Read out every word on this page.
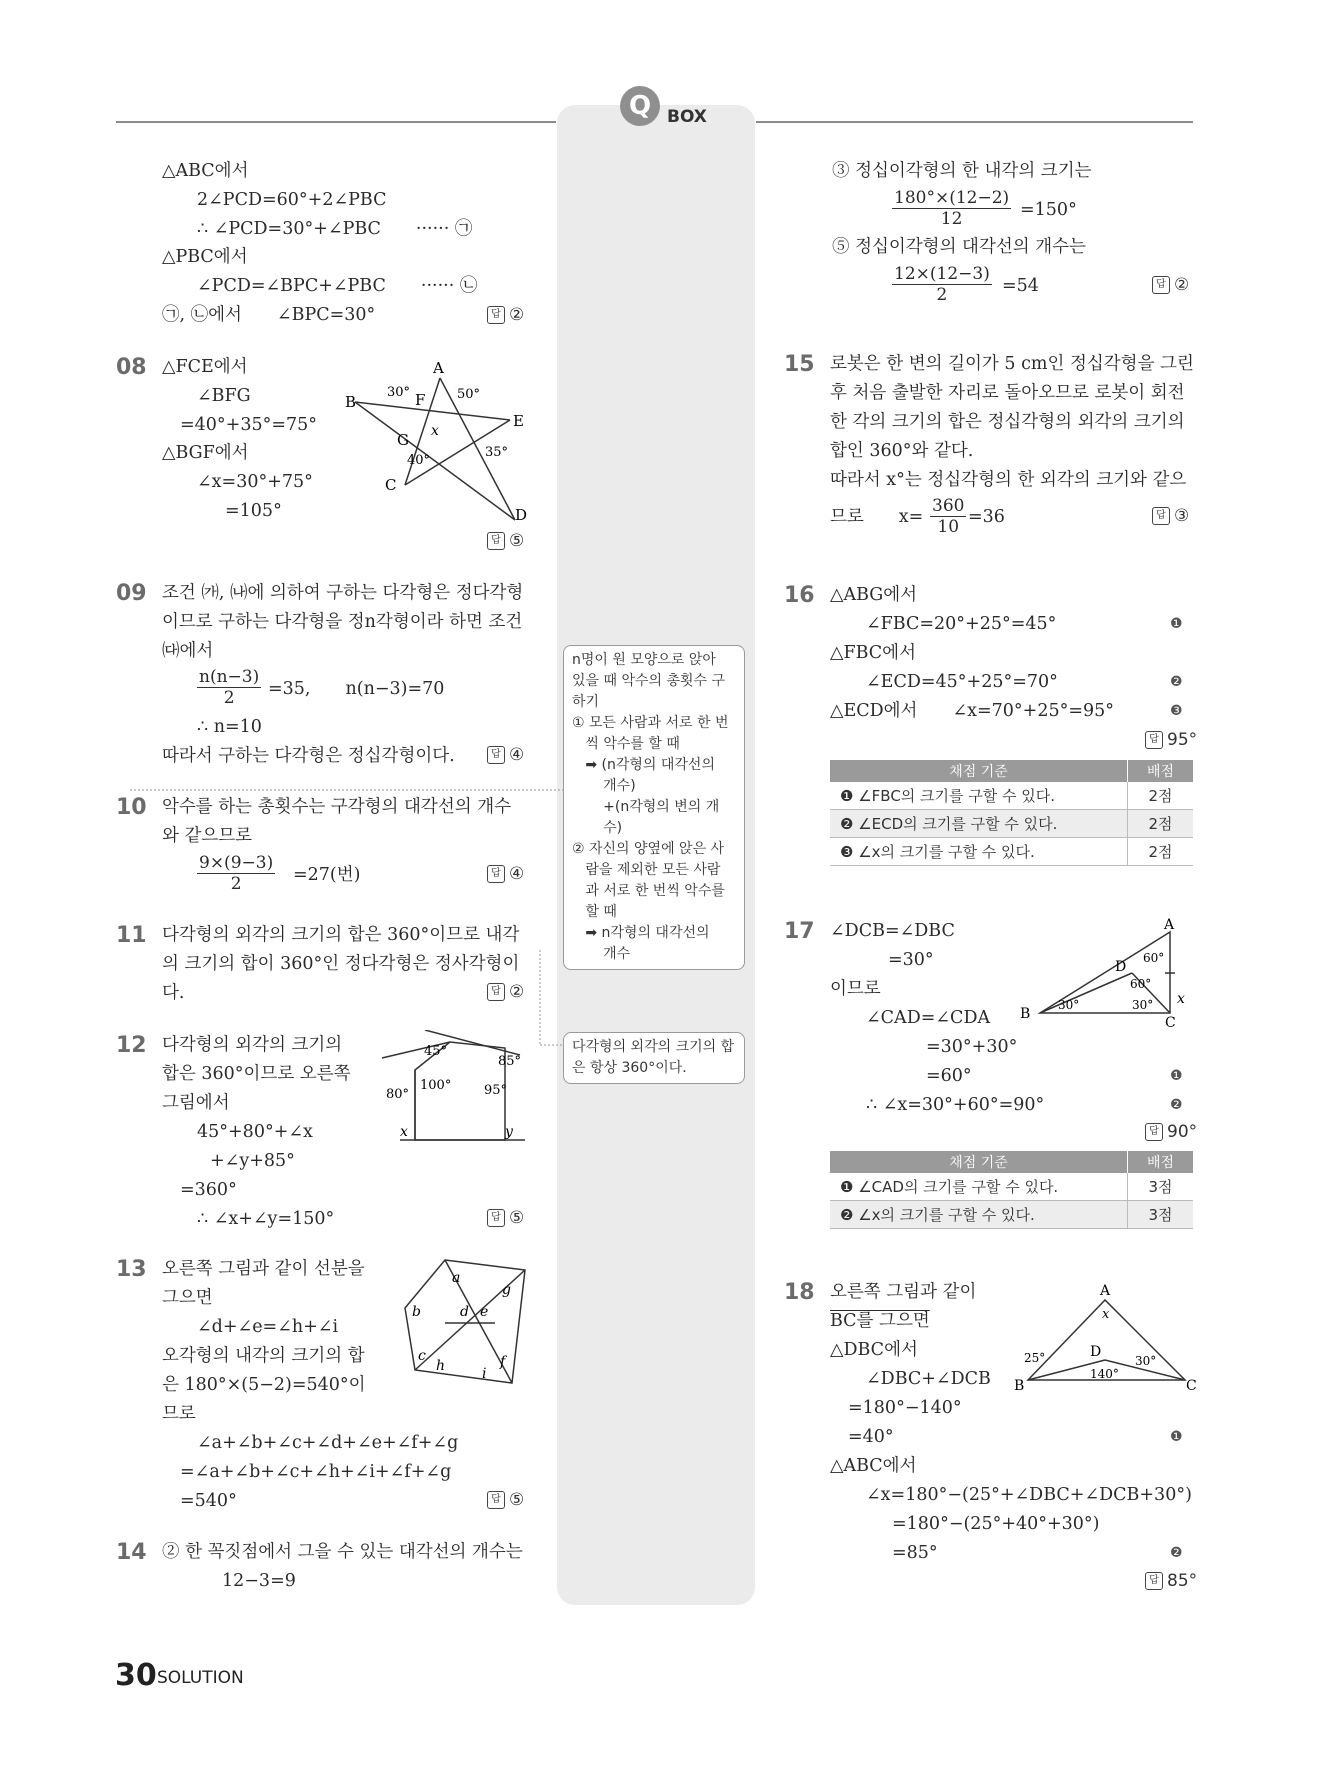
Q BOX
△ABC에서
2∠PCD=60°+2∠PBC
∴ ∠PCD=30°+∠PBC　　······ ㉠
△PBC에서
∠PCD=∠BPC+∠PBC　　······ ㉡
㉠, ㉡에서　　∠BPC=30°	답 ②
08 △FCE에서
∠BFG
=40°+35°=75°
△BGF에서
∠x=30°+75°
=105°
A
B	F
E
G
C
D
30°	50°
x
40°
35°
답 ⑤
09 조건 ㈎, ㈏에 의하여 구하는 다각형은 정다각형
이므로 구하는 다각형을 정n각형이라 하면 조건
㈐에서
$\frac{n(n-3)}{2} =35$,　　n(n−3)=70
∴ n=10
따라서 구하는 다각형은 정십각형이다.	답 ④
10 악수를 하는 총횟수는 구각형의 대각선의 개수
와 같으므로
$\frac{9\times(9-3)}{2} =27$(번)	답 ④
11 다각형의 외각의 크기의 합은 360°이므로 내각
의 크기의 합이 360°인 정다각형은 정사각형이
다.	답 ②
12 다각형의 외각의 크기의
합은 360°이므로 오른쪽
그림에서
45°+80°+∠x
+∠y+85°
=360°
∴ ∠x+∠y=150°
45°
85°
100°	95°
80°
x	y
답 ⑤
13 오른쪽 그림과 같이 선분을
그으면
∠d+∠e=∠h+∠i
오각형의 내각의 크기의 합
은 180°×(5−2)=540°이
므로
∠a+∠b+∠c+∠d+∠e+∠f+∠g
=∠a+∠b+∠c+∠h+∠i+∠f+∠g
=540°
a
g
d e
b
c
h	i
f
답 ⑤
14 ② 한 꼭짓점에서 그을 수 있는 대각선의 개수는
12−3=9
n명이 원 모양으로 앉아
있을 때 악수의 총횟수 구
하기
① 모든 사람과 서로 한 번
씩 악수를 할 때
➡ (n각형의 대각선의
개수)
+(n각형의 변의 개
수)
② 자신의 양옆에 앉은 사
람을 제외한 모든 사람
과 서로 한 번씩 악수를
할 때
➡ n각형의 대각선의
개수
다각형의 외각의 크기의 합
은 항상 360°이다.
③ 정십이각형의 한 내각의 크기는
$\frac{180^\circ\times(12-2)}{12} =150^\circ$
⑤ 정십이각형의 대각선의 개수는
$\frac{12\times(12-3)}{2} =54$	답 ②
15 로봇은 한 변의 길이가 5 cm인 정십각형을 그린
후 처음 출발한 자리로 돌아오므로 로봇이 회전
한 각의 크기의 합은 정십각형의 외각의 크기의
합인 360°와 같다.
따라서 x°는 정십각형의 한 외각의 크기와 같으
므로　　$x= \frac{360}{10} =36$	답 ③
16 △ABG에서
∠FBC=20°+25°=45°
△FBC에서
∠ECD=45°+25°=70°
△ECD에서　　∠x=70°+25°=95°
❶
❷
❸
답 95°
채점 기준	배점
❶ ∠FBC의 크기를 구할 수 있다.	2점
❷ ∠ECD의 크기를 구할 수 있다.	2점
❸ ∠x의 크기를 구할 수 있다.	2점
17 ∠DCB=∠DBC
=30°
이므로
∠CAD=∠CDA
=30°+30°
=60°
∴ ∠x=30°+60°=90°
❶
❷
A
D
60°
60°
B
30°	30°
C
x
답 90°
채점 기준	배점
❶ ∠CAD의 크기를 구할 수 있다.	3점
❷ ∠x의 크기를 구할 수 있다.	3점
18 오른쪽 그림과 같이
BC를 그으면
△DBC에서
∠DBC+∠DCB
=180°−140°
=40°
△ABC에서
∠x=180°−(25°+∠DBC+∠DCB+30°)
=180°−(25°+40°+30°)
=85°
❶
❷
A
x
25°	D
30°
140°
B	C
답 85°
30 SOLUTION
